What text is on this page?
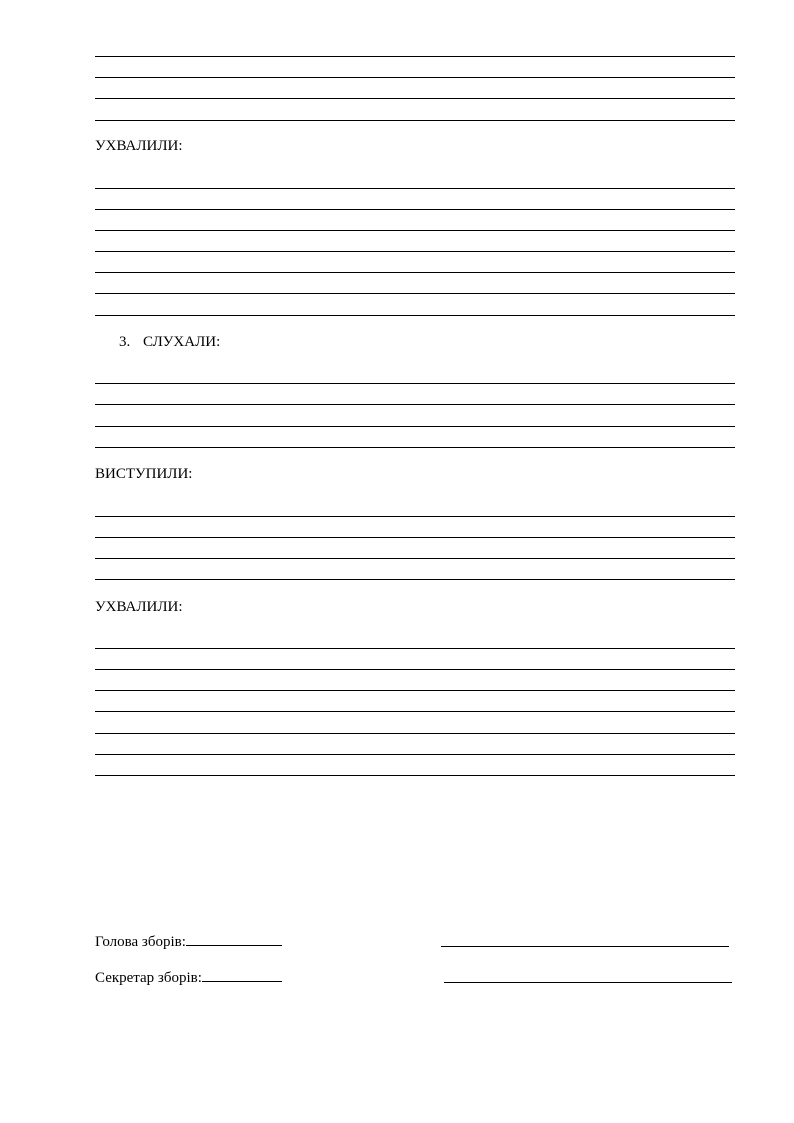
УХВАЛИЛИ:
3. СЛУХАЛИ:
ВИСТУПИЛИ:
УХВАЛИЛИ:
Голова зборів:
Секретар зборів:
